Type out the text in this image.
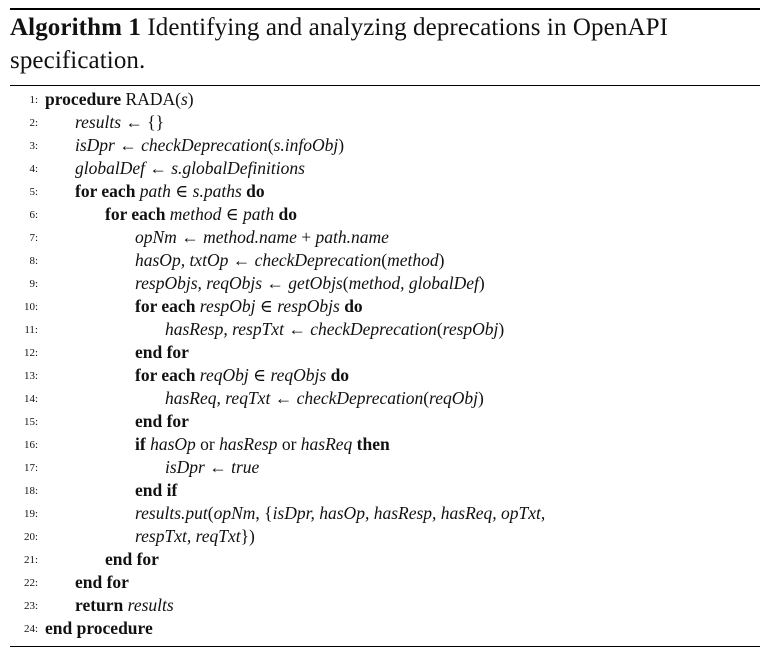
Algorithm 1 Identifying and analyzing deprecations in OpenAPI specification.
1: procedure RADA(s)
2: results ← {}
3: isDpr ← checkDeprecation(s.infoObj)
4: globalDef ← s.globalDefinitions
5: for each path ∈ s.paths do
6:	for each method ∈ path do
7:	opNm ← method.name + path.name
8:	hasOp, txtOp ← checkDeprecation(method)
9:	respObjs, reqObjs ← getObjs(method, globalDef)
10:	for each respObj ∈ respObjs do
11:	hasResp, respTxt ← checkDeprecation(respObj)
12:	end for
13:	for each reqObj ∈ reqObjs do
14:	hasReq, reqTxt ← checkDeprecation(reqObj)
15:	end for
16:	if hasOp or hasResp or hasReq then
17:	isDpr ← true
18:	end if
19:	results.put(opNm, {isDpr, hasOp, hasResp, hasReq, opTxt,
20:	respTxt, reqTxt})
21:	end for
22: end for
23: return results
24: end procedure
